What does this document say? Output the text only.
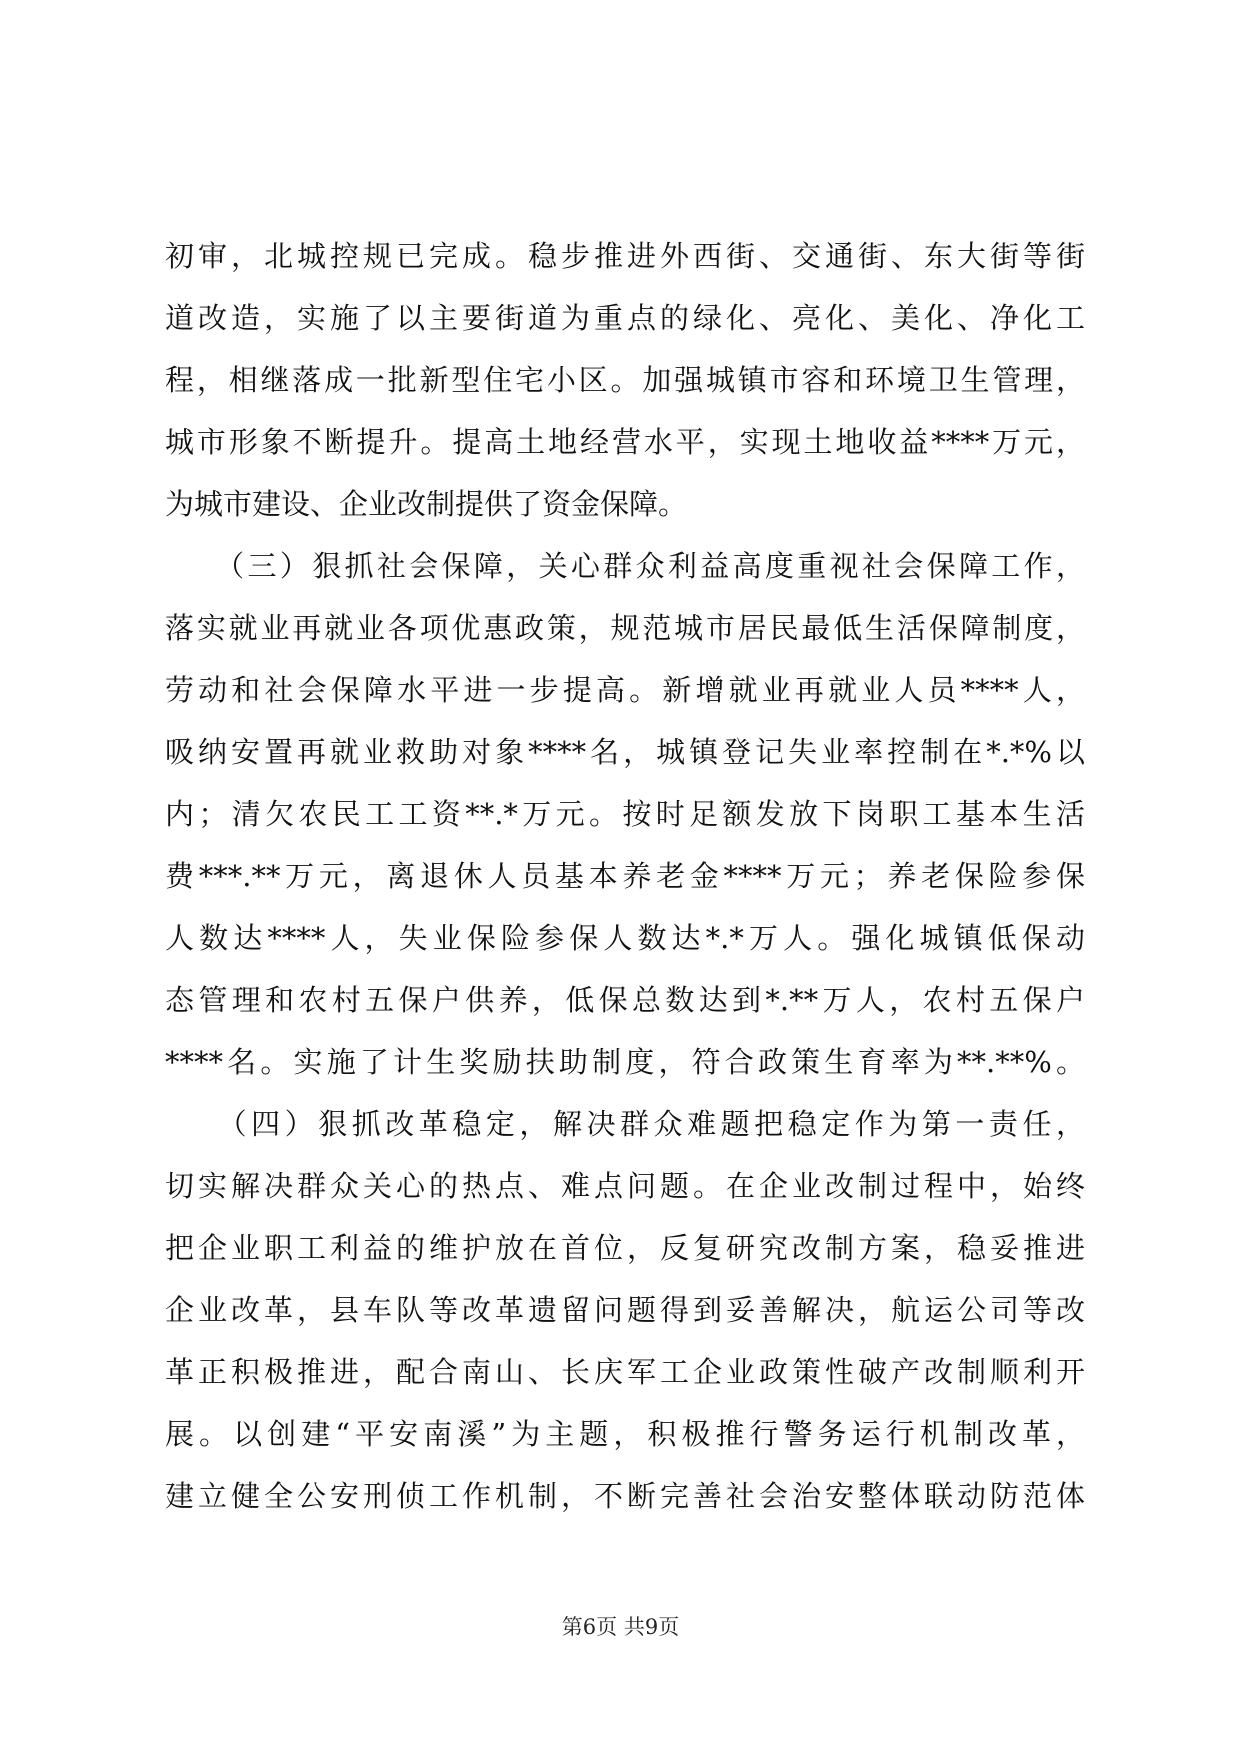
初审，北城控规已完成。稳步推进外西街、交通街、东大街等街
道改造，实施了以主要街道为重点的绿化、亮化、美化、净化工
程，相继落成一批新型住宅小区。加强城镇市容和环境卫生管理，
城市形象不断提升。提高土地经营水平，实现土地收益****万元，
为城市建设、企业改制提供了资金保障。
　　（三）狠抓社会保障，关心群众利益高度重视社会保障工作，
落实就业再就业各项优惠政策，规范城市居民最低生活保障制度，
劳动和社会保障水平进一步提高。新增就业再就业人员****人，
吸纳安置再就业救助对象****名，城镇登记失业率控制在*.*%以
内；清欠农民工工资**.*万元。按时足额发放下岗职工基本生活
费***.**万元，离退休人员基本养老金****万元；养老保险参保
人数达****人，失业保险参保人数达*.*万人。强化城镇低保动
态管理和农村五保户供养，低保总数达到*.**万人，农村五保户
****名。实施了计生奖励扶助制度，符合政策生育率为**.**%。
　　（四）狠抓改革稳定，解决群众难题把稳定作为第一责任，
切实解决群众关心的热点、难点问题。在企业改制过程中，始终
把企业职工利益的维护放在首位，反复研究改制方案，稳妥推进
企业改革，县车队等改革遗留问题得到妥善解决，航运公司等改
革正积极推进，配合南山、长庆军工企业政策性破产改制顺利开
展。以创建“平安南溪”为主题，积极推行警务运行机制改革，
建立健全公安刑侦工作机制，不断完善社会治安整体联动防范体
第6页 共9页
